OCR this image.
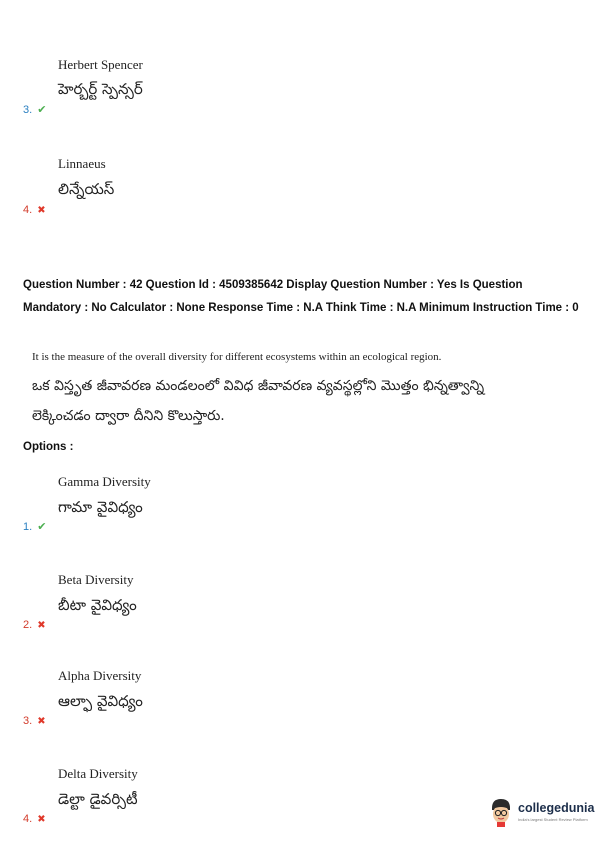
Herbert Spencer
హెర్బర్ట్ స్పెన్సర్
3. ✔
Linnaeus
లిన్నేయస్
4. ✖
Question Number : 42 Question Id : 4509385642 Display Question Number : Yes Is Question Mandatory : No Calculator : None Response Time : N.A Think Time : N.A Minimum Instruction Time : 0
It is the measure of the overall diversity for different ecosystems within an ecological region.
ఒక విస్తృత జీవావరణ మండలంలో వివిధ జీవావరణ వ్యవస్థల్లోని మొత్తం భిన్నత్వాన్ని
లెక్కించడం ద్వారా దీనిని కొలుస్తారు.
Options :
Gamma Diversity
గామా వైవిధ్యం
1. ✔
Beta Diversity
బీటా వైవిధ్యం
2. ✖
Alpha Diversity
ఆల్ఫా వైవిధ్యం
3. ✖
Delta Diversity
డెల్టా డైవర్సిటీ
4. ✖
collegedunia
India's largest Student Review Platform
